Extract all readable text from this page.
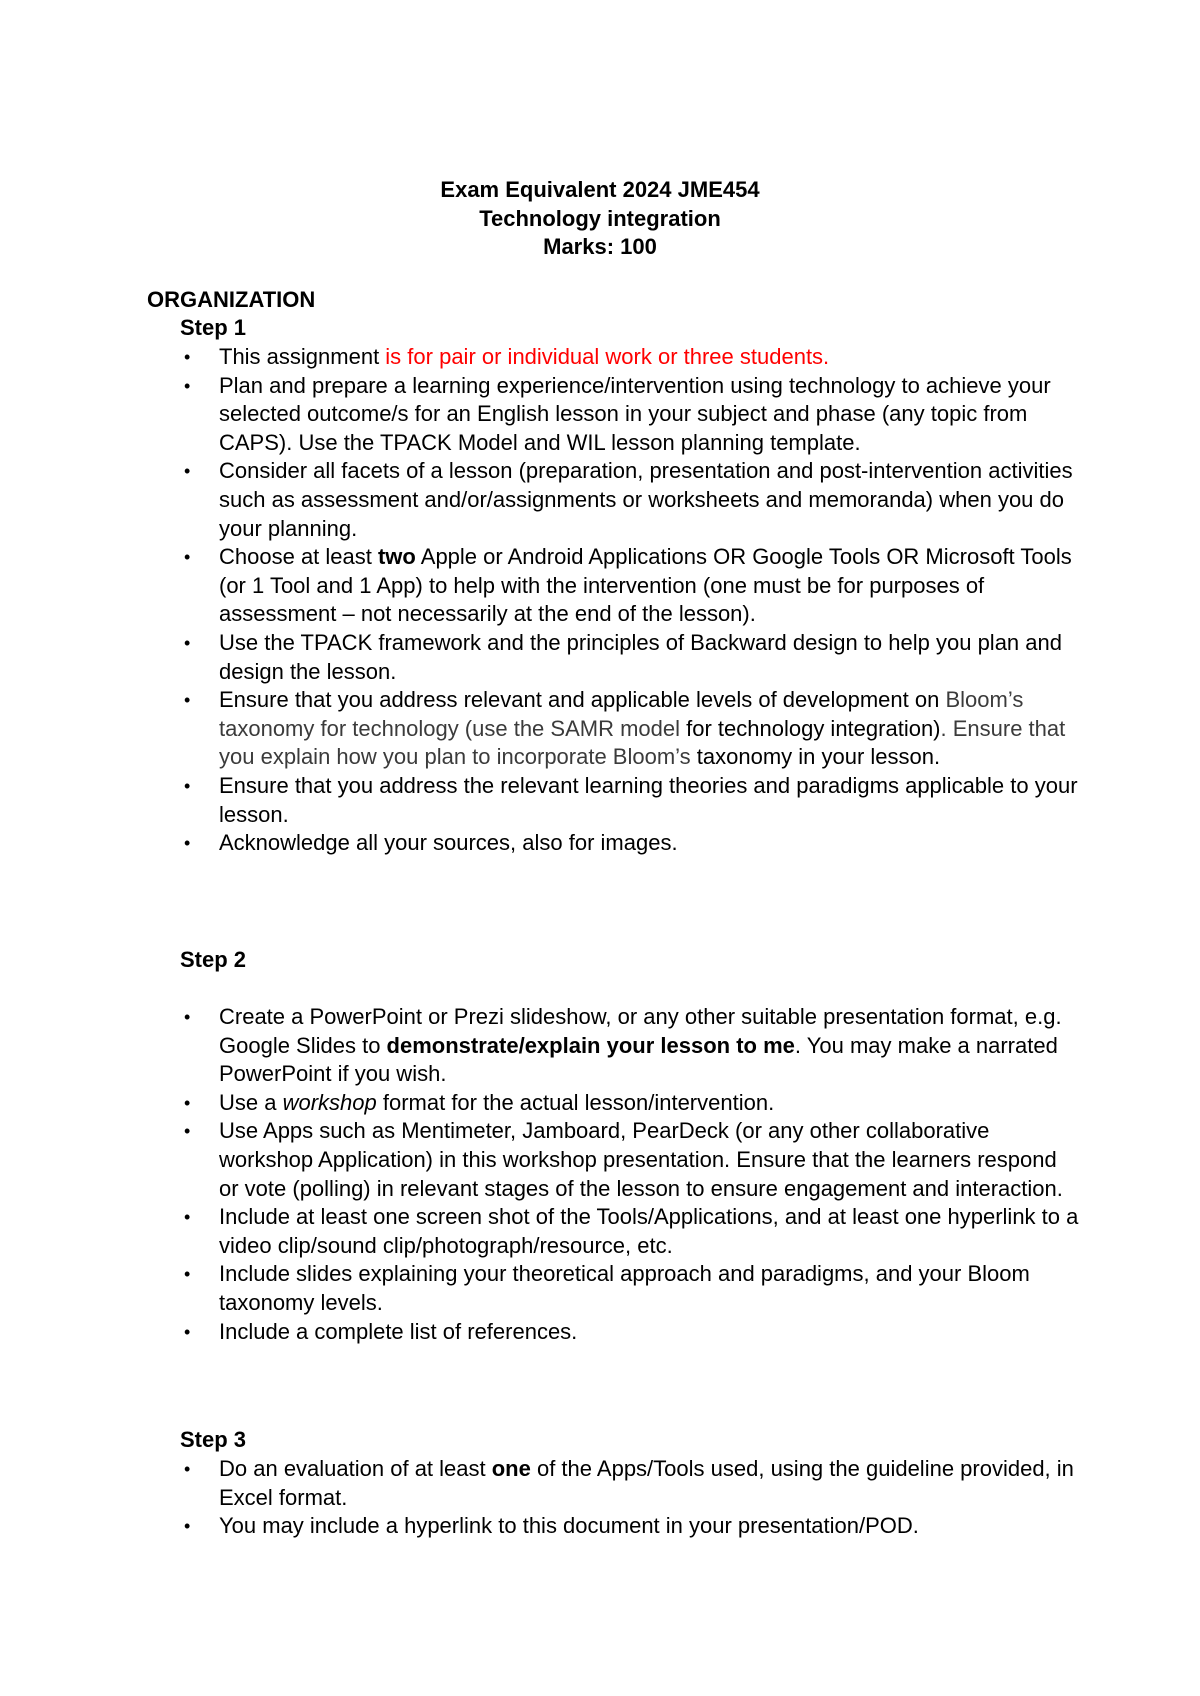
Exam Equivalent 2024 JME454
Technology integration
Marks: 100
ORGANIZATION
Step 1
• This assignment is for pair or individual work or three students.
• Plan and prepare a learning experience/intervention using technology to achieve your selected outcome/s for an English lesson in your subject and phase (any topic from CAPS). Use the TPACK Model and WIL lesson planning template.
• Consider all facets of a lesson (preparation, presentation and post-intervention activities such as assessment and/or/assignments or worksheets and memoranda) when you do your planning.
• Choose at least two Apple or Android Applications OR Google Tools OR Microsoft Tools (or 1 Tool and 1 App) to help with the intervention (one must be for purposes of assessment – not necessarily at the end of the lesson).
• Use the TPACK framework and the principles of Backward design to help you plan and design the lesson.
• Ensure that you address relevant and applicable levels of development on Bloom’s taxonomy for technology (use the SAMR model for technology integration). Ensure that you explain how you plan to incorporate Bloom’s taxonomy in your lesson.
• Ensure that you address the relevant learning theories and paradigms applicable to your lesson.
• Acknowledge all your sources, also for images.
Step 2
• Create a PowerPoint or Prezi slideshow, or any other suitable presentation format, e.g. Google Slides to demonstrate/explain your lesson to me. You may make a narrated PowerPoint if you wish.
• Use a workshop format for the actual lesson/intervention.
• Use Apps such as Mentimeter, Jamboard, PearDeck (or any other collaborative workshop Application) in this workshop presentation. Ensure that the learners respond or vote (polling) in relevant stages of the lesson to ensure engagement and interaction.
• Include at least one screen shot of the Tools/Applications, and at least one hyperlink to a video clip/sound clip/photograph/resource, etc.
• Include slides explaining your theoretical approach and paradigms, and your Bloom taxonomy levels.
• Include a complete list of references.
Step 3
• Do an evaluation of at least one of the Apps/Tools used, using the guideline provided, in Excel format.
• You may include a hyperlink to this document in your presentation/POD.
